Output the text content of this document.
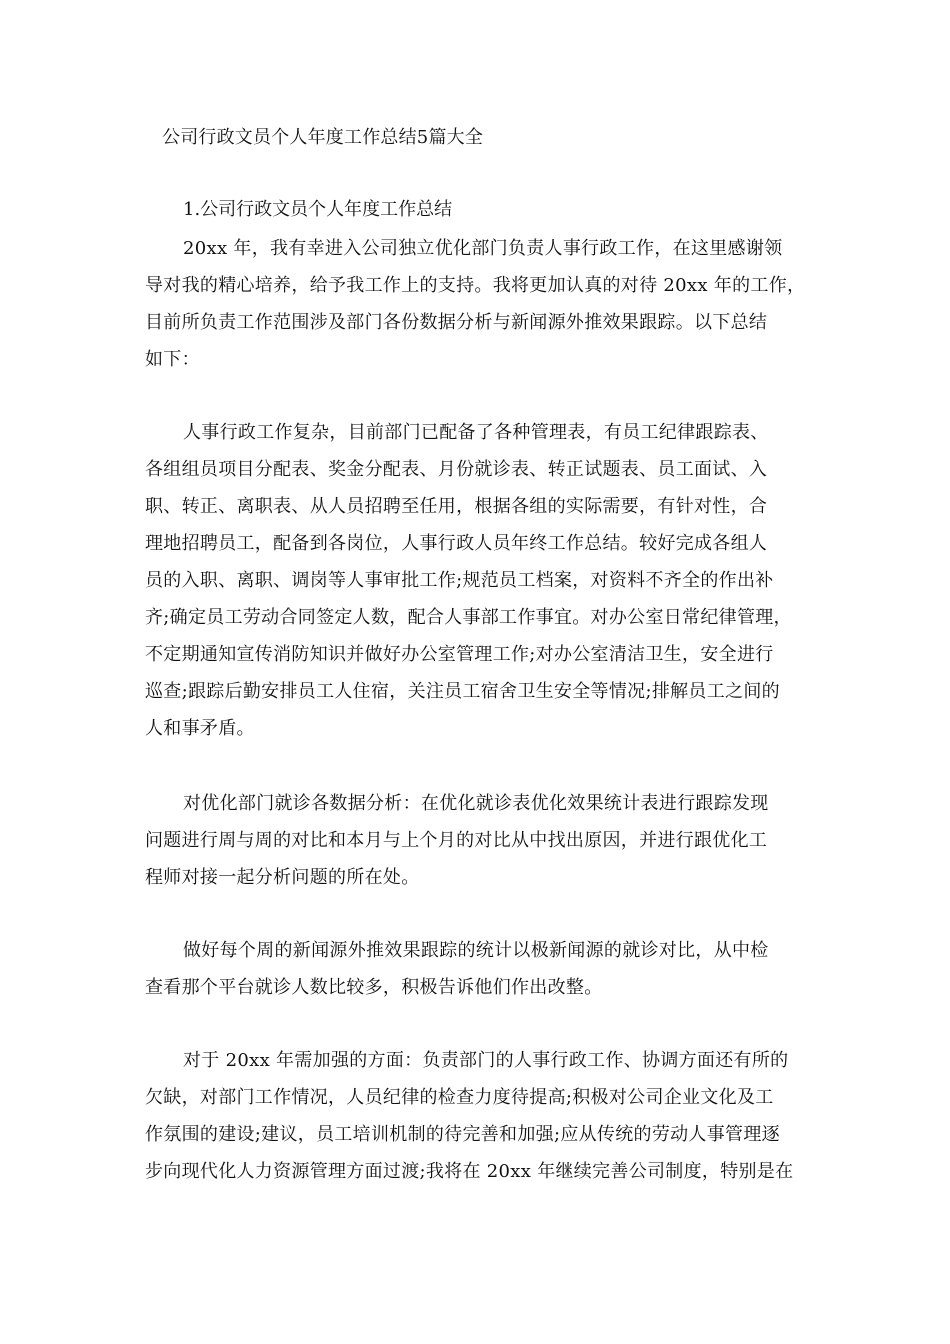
公司行政文员个人年度工作总结5篇大全
1.公司行政文员个人年度工作总结
20xx 年，我有幸进入公司独立优化部门负责人事行政工作，在这里感谢领
导对我的精心培养，给予我工作上的支持。我将更加认真的对待 20xx 年的工作，
目前所负责工作范围涉及部门各份数据分析与新闻源外推效果跟踪。以下总结
如下：
人事行政工作复杂，目前部门已配备了各种管理表，有员工纪律跟踪表、
各组组员项目分配表、奖金分配表、月份就诊表、转正试题表、员工面试、入
职、转正、离职表、从人员招聘至任用，根据各组的实际需要，有针对性，合
理地招聘员工，配备到各岗位，人事行政人员年终工作总结。较好完成各组人
员的入职、离职、调岗等人事审批工作;规范员工档案，对资料不齐全的作出补
齐;确定员工劳动合同签定人数，配合人事部工作事宜。对办公室日常纪律管理，
不定期通知宣传消防知识并做好办公室管理工作;对办公室清洁卫生，安全进行
巡查;跟踪后勤安排员工人住宿，关注员工宿舍卫生安全等情况;排解员工之间的
人和事矛盾。
对优化部门就诊各数据分析：在优化就诊表优化效果统计表进行跟踪发现
问题进行周与周的对比和本月与上个月的对比从中找出原因，并进行跟优化工
程师对接一起分析问题的所在处。
做好每个周的新闻源外推效果跟踪的统计以极新闻源的就诊对比，从中检
查看那个平台就诊人数比较多，积极告诉他们作出改整。
对于 20xx 年需加强的方面：负责部门的人事行政工作、协调方面还有所的
欠缺，对部门工作情况，人员纪律的检查力度待提高;积极对公司企业文化及工
作氛围的建设;建议，员工培训机制的待完善和加强;应从传统的劳动人事管理逐
步向现代化人力资源管理方面过渡;我将在 20xx 年继续完善公司制度，特别是在
